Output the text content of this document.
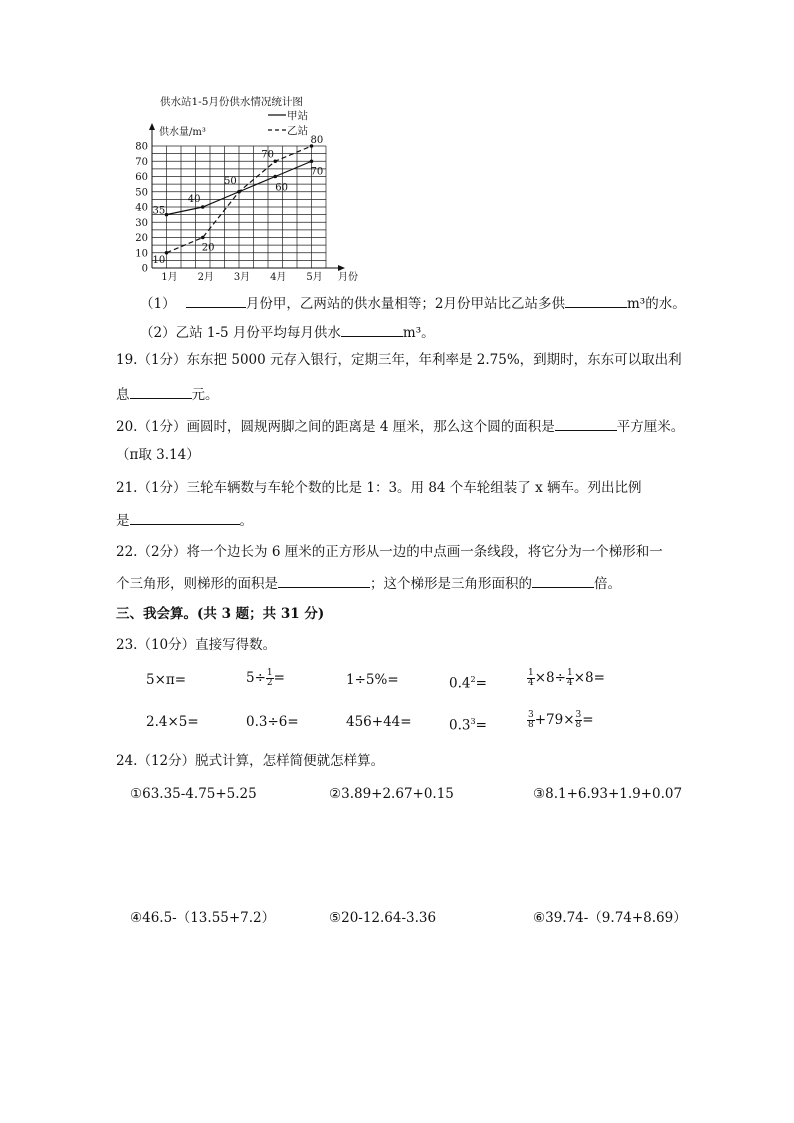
供水站1-5月份供水情况统计图
供水量/m³
月份
0
10
20
30
40
50
60
70
80
1月 2月 3月 4月 5月
甲站
乙站
35
40
50
60
70
10
20
70
80
（1）	月份甲，乙两站的供水量相等；2月份甲站比乙站多供	m³的水。
（2）乙站 1-5 月份平均每月供水	m³。
19.（1分）东东把 5000 元存入银行，定期三年，年利率是 2.75%，到期时，东东可以取出利
息	元。
20.（1分）画圆时，圆规两脚之间的距离是 4 厘米，那么这个圆的面积是	平方厘米。
（π取 3.14）
21.（1分）三轮车辆数与车轮个数的比是 1：3。用 84 个车轮组装了 x 辆车。列出比例
是	。
22.（2分）将一个边长为 6 厘米的正方形从一边的中点画一条线段，将它分为一个梯形和一
个三角形，则梯形的面积是	；这个梯形是三角形面积的	倍。
三、我会算。(共 3 题；共 31 分)
23.（10分）直接写得数。
5×π=	$5\div \frac{1}{2}$ =	1÷5%=	$0.4^2=$	$\frac{1}{4} \times 8\div \frac{1}{4} \times 8=$
2.4×5=	0.3÷6=	456+44=	$0.3^3=$	$\frac{3}{8} +79\times \frac{3}{8}$ =
24.（12分）脱式计算，怎样简便就怎样算。
①63.35-4.75+5.25	②3.89+2.67+0.15	③8.1+6.93+1.9+0.07
④46.5-（13.55+7.2）	⑤20-12.64-3.36	⑥39.74-（9.74+8.69）
